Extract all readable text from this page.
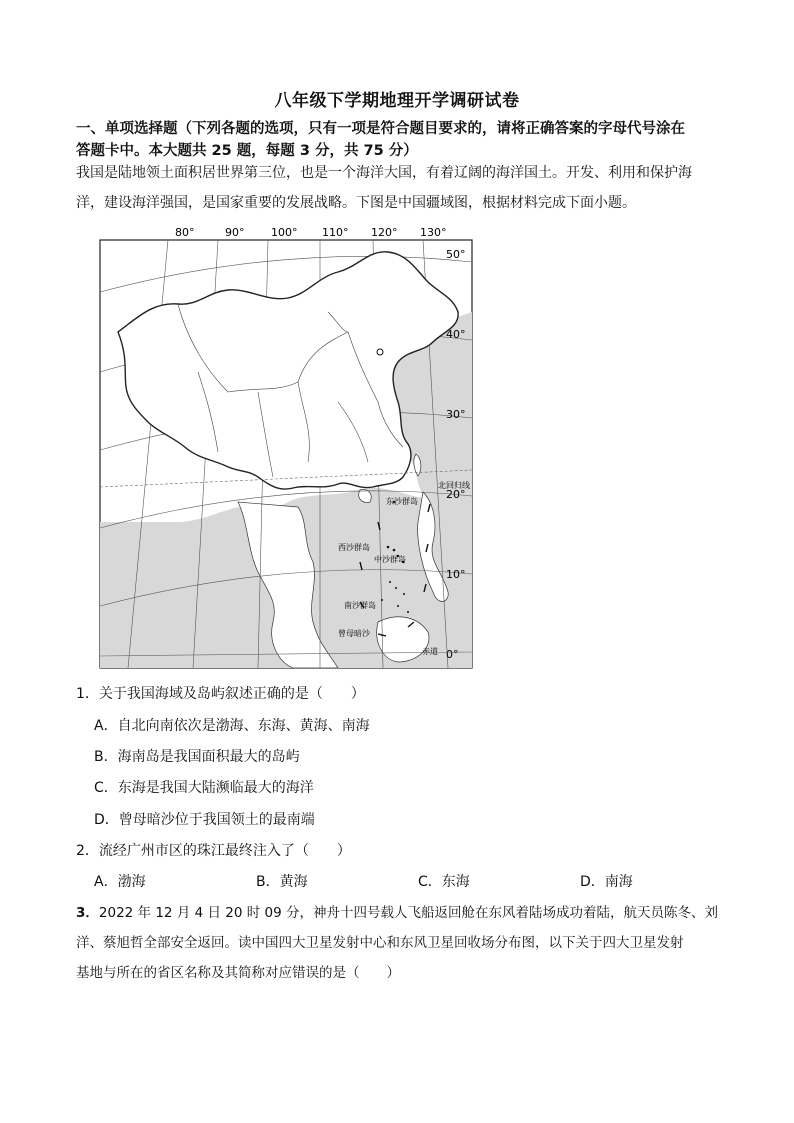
八年级下学期地理开学调研试卷
一、单项选择题（下列各题的选项，只有一项是符合题目要求的，请将正确答案的字母代号涂在
答题卡中。本大题共 25 题，每题 3 分，共 75 分）
我国是陆地领土面积居世界第三位，也是一个海洋大国，有着辽阔的海洋国土。开发、利用和保护海
洋，建设海洋强国，是国家重要的发展战略。下图是中国疆域图，根据材料完成下面小题。
80°	90° 100° 110° 120° 130°
50°
40°
30°
20°
10°
0°
北回归线
东沙群岛
西沙群岛
中沙群岛
南沙群岛
曾母暗沙
赤道
1．关于我国海域及岛屿叙述正确的是（　　）
A．自北向南依次是渤海、东海、黄海、南海
B．海南岛是我国面积最大的岛屿
C．东海是我国大陆濒临最大的海洋
D．曾母暗沙位于我国领土的最南端
2．流经广州市区的珠江最终注入了（　　）
A．渤海	B．黄海	C．东海	D．南海
3．2022 年 12 月 4 日 20 时 09 分，神舟十四号载人飞船返回舱在东风着陆场成功着陆，航天员陈冬、刘
洋、蔡旭哲全部安全返回。读中国四大卫星发射中心和东风卫星回收场分布图，以下关于四大卫星发射
基地与所在的省区名称及其简称对应错误的是（　　）
